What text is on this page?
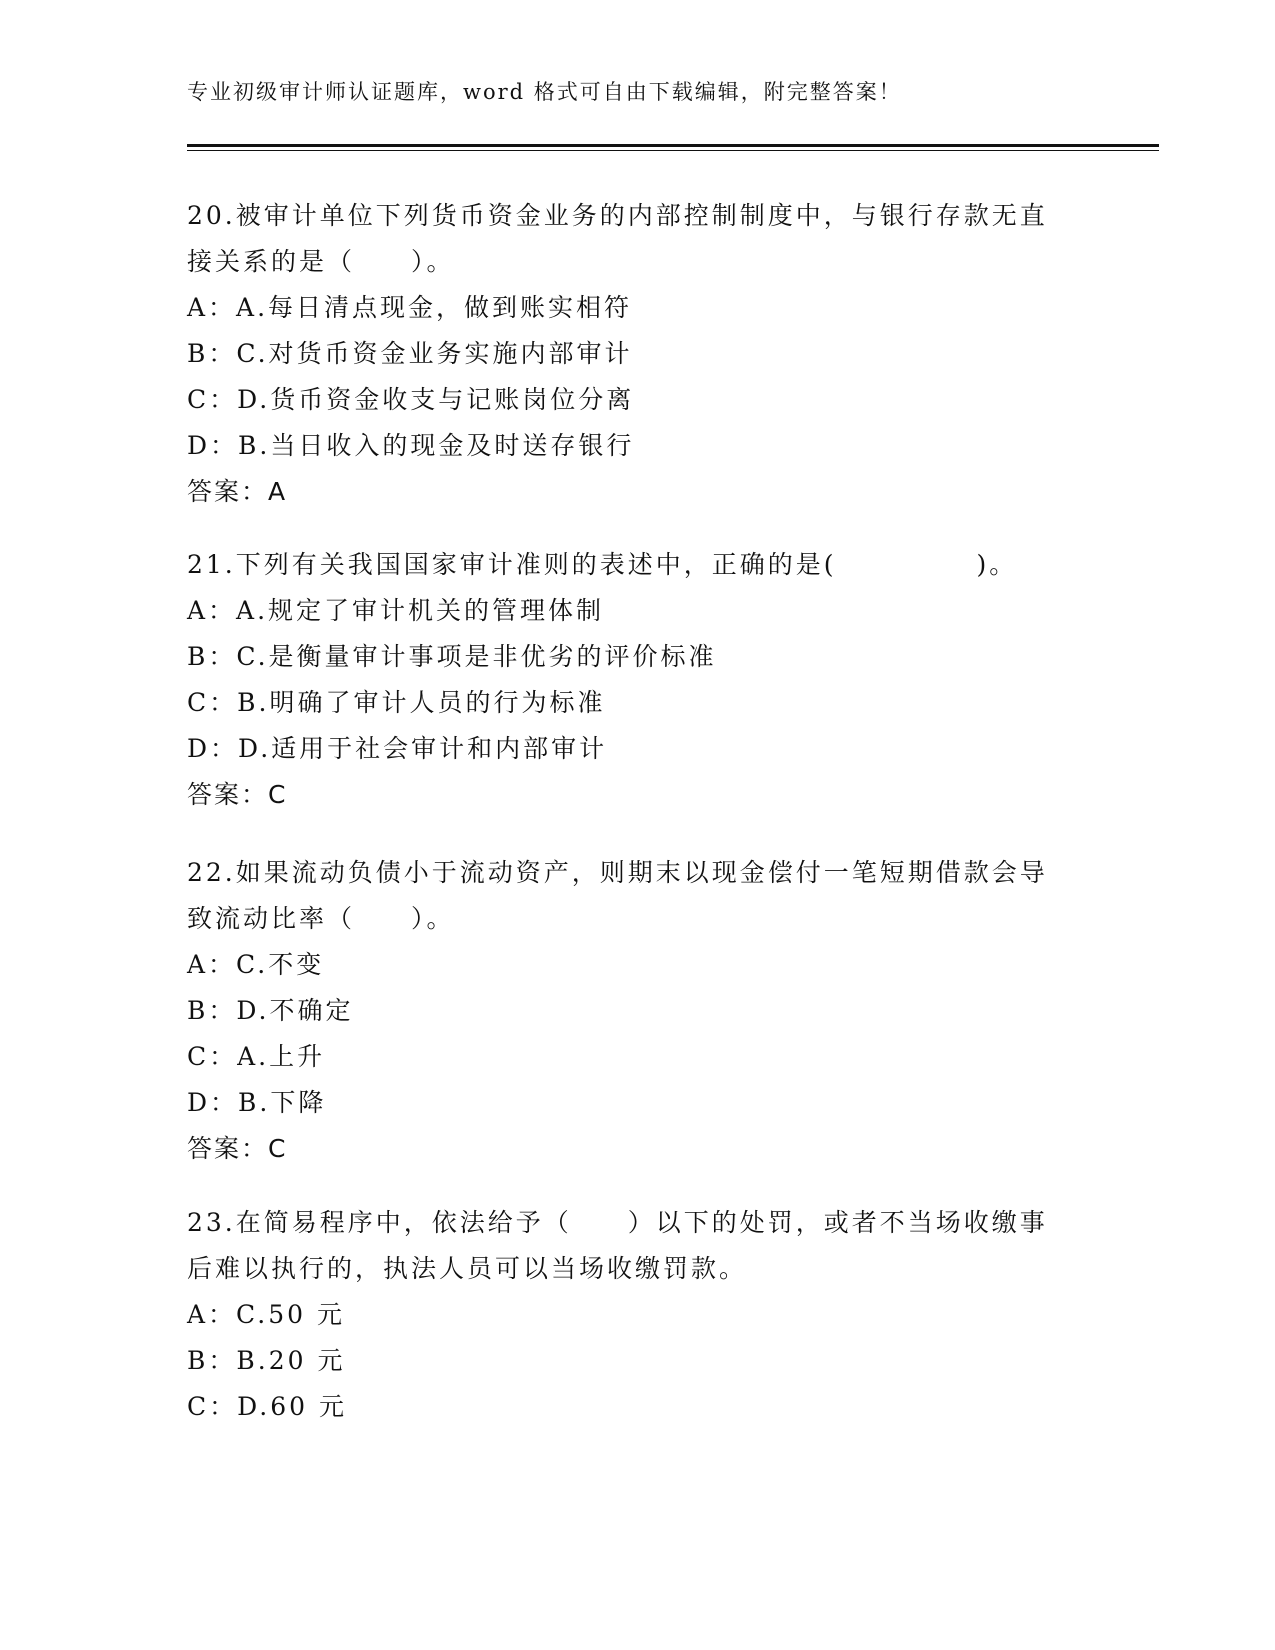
专业初级审计师认证题库，word 格式可自由下载编辑，附完整答案！
20.被审计单位下列货币资金业务的内部控制制度中，与银行存款无直
接关系的是（　　）。
A：A.每日清点现金，做到账实相符
B：C.对货币资金业务实施内部审计
C：D.货币资金收支与记账岗位分离
D：B.当日收入的现金及时送存银行
答案：A
21.下列有关我国国家审计准则的表述中，正确的是(　　　　　)。
A：A.规定了审计机关的管理体制
B：C.是衡量审计事项是非优劣的评价标准
C：B.明确了审计人员的行为标准
D：D.适用于社会审计和内部审计
答案：C
22.如果流动负债小于流动资产，则期末以现金偿付一笔短期借款会导
致流动比率（　　）。
A：C.不变
B：D.不确定
C：A.上升
D：B.下降
答案：C
23.在简易程序中，依法给予（　　）以下的处罚，或者不当场收缴事
后难以执行的，执法人员可以当场收缴罚款。
A：C.50 元
B：B.20 元
C：D.60 元
